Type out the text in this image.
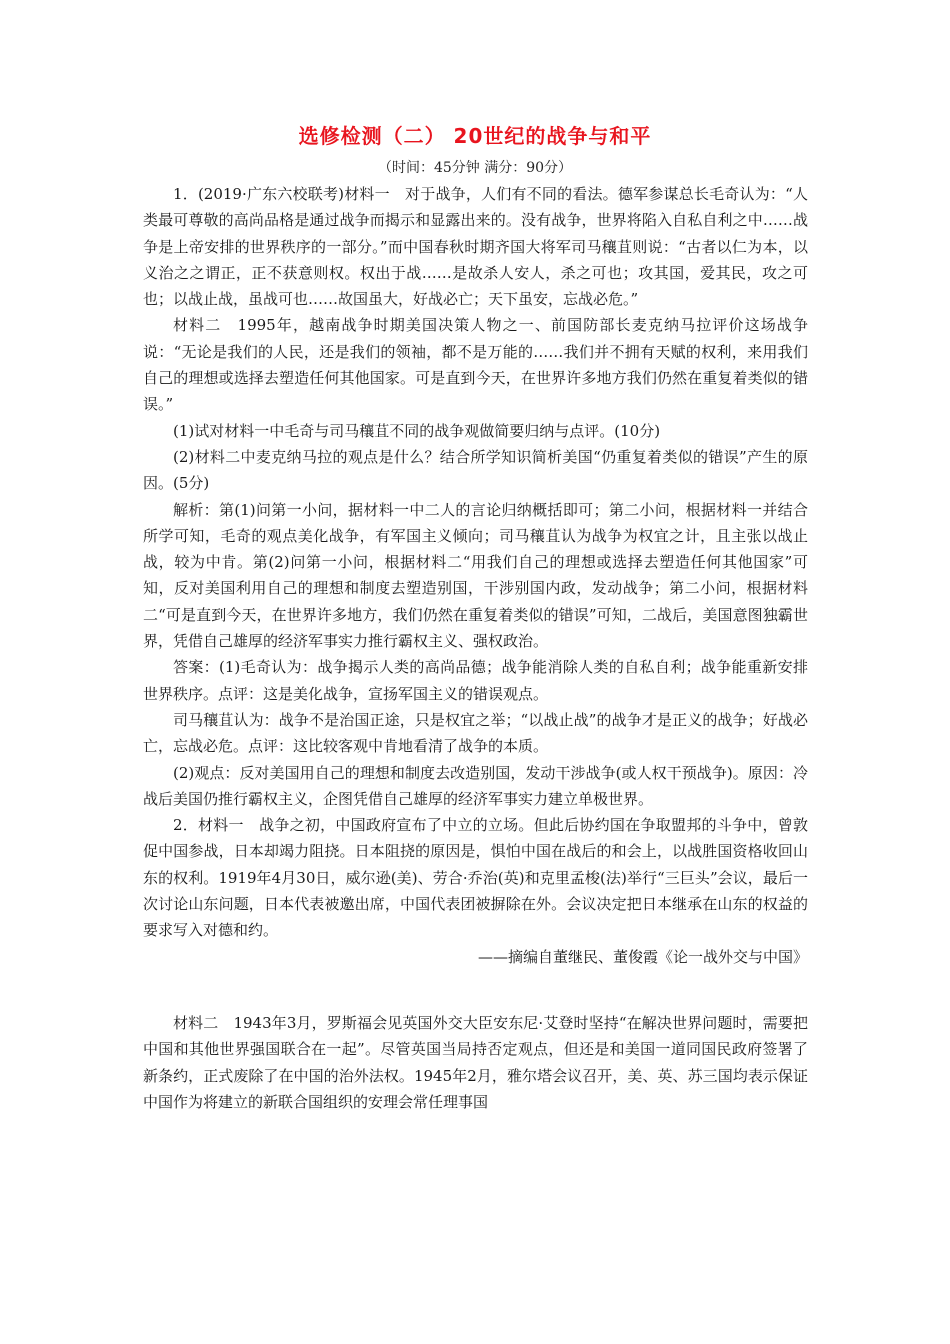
选修检测（二） 20世纪的战争与和平
（时间：45分钟 满分：90分）

1．(2019·广东六校联考)材料一　对于战争，人们有不同的看法。德军参谋总长毛奇认为：“人类最可尊敬的高尚品格是通过战争而揭示和显露出来的。没有战争，世界将陷入自私自利之中……战争是上帝安排的世界秩序的一部分。”而中国春秋时期齐国大将军司马穰苴则说：“古者以仁为本，以义治之之谓正，正不获意则权。权出于战……是故杀人安人，杀之可也；攻其国，爱其民，攻之可也；以战止战，虽战可也……故国虽大，好战必亡；天下虽安，忘战必危。”

材料二　1995年，越南战争时期美国决策人物之一、前国防部长麦克纳马拉评价这场战争说：“无论是我们的人民，还是我们的领袖，都不是万能的……我们并不拥有天赋的权利，来用我们自己的理想或选择去塑造任何其他国家。可是直到今天，在世界许多地方我们仍然在重复着类似的错误。”

(1)试对材料一中毛奇与司马穰苴不同的战争观做简要归纳与点评。(10分)

(2)材料二中麦克纳马拉的观点是什么？结合所学知识简析美国“仍重复着类似的错误”产生的原因。(5分)

解析：第(1)问第一小问，据材料一中二人的言论归纳概括即可；第二小问，根据材料一并结合所学可知，毛奇的观点美化战争，有军国主义倾向；司马穰苴认为战争为权宜之计，且主张以战止战，较为中肯。第(2)问第一小问，根据材料二“用我们自己的理想或选择去塑造任何其他国家”可知，反对美国利用自己的理想和制度去塑造别国，干涉别国内政，发动战争；第二小问，根据材料二“可是直到今天，在世界许多地方，我们仍然在重复着类似的错误”可知，二战后，美国意图独霸世界，凭借自己雄厚的经济军事实力推行霸权主义、强权政治。

答案：(1)毛奇认为：战争揭示人类的高尚品德；战争能消除人类的自私自利；战争能重新安排世界秩序。点评：这是美化战争，宣扬军国主义的错误观点。

司马穰苴认为：战争不是治国正途，只是权宜之举；“以战止战”的战争才是正义的战争；好战必亡，忘战必危。点评：这比较客观中肯地看清了战争的本质。

(2)观点：反对美国用自己的理想和制度去改造别国，发动干涉战争(或人权干预战争)。原因：冷战后美国仍推行霸权主义，企图凭借自己雄厚的经济军事实力建立单极世界。

2．材料一　战争之初，中国政府宣布了中立的立场。但此后协约国在争取盟邦的斗争中，曾敦促中国参战，日本却竭力阻挠。日本阻挠的原因是，惧怕中国在战后的和会上，以战胜国资格收回山东的权利。1919年4月30日，威尔逊(美)、劳合·乔治(英)和克里孟梭(法)举行“三巨头”会议，最后一次讨论山东问题，日本代表被邀出席，中国代表团被摒除在外。会议决定把日本继承在山东的权益的要求写入对德和约。

——摘编自董继民、董俊霞《论一战外交与中国》

材料二　1943年3月，罗斯福会见英国外交大臣安东尼·艾登时坚持“在解决世界问题时，需要把中国和其他世界强国联合在一起”。尽管英国当局持否定观点，但还是和美国一道同国民政府签署了新条约，正式废除了在中国的治外法权。1945年2月，雅尔塔会议召开，美、英、苏三国均表示保证中国作为将建立的新联合国组织的安理会常任理事国
